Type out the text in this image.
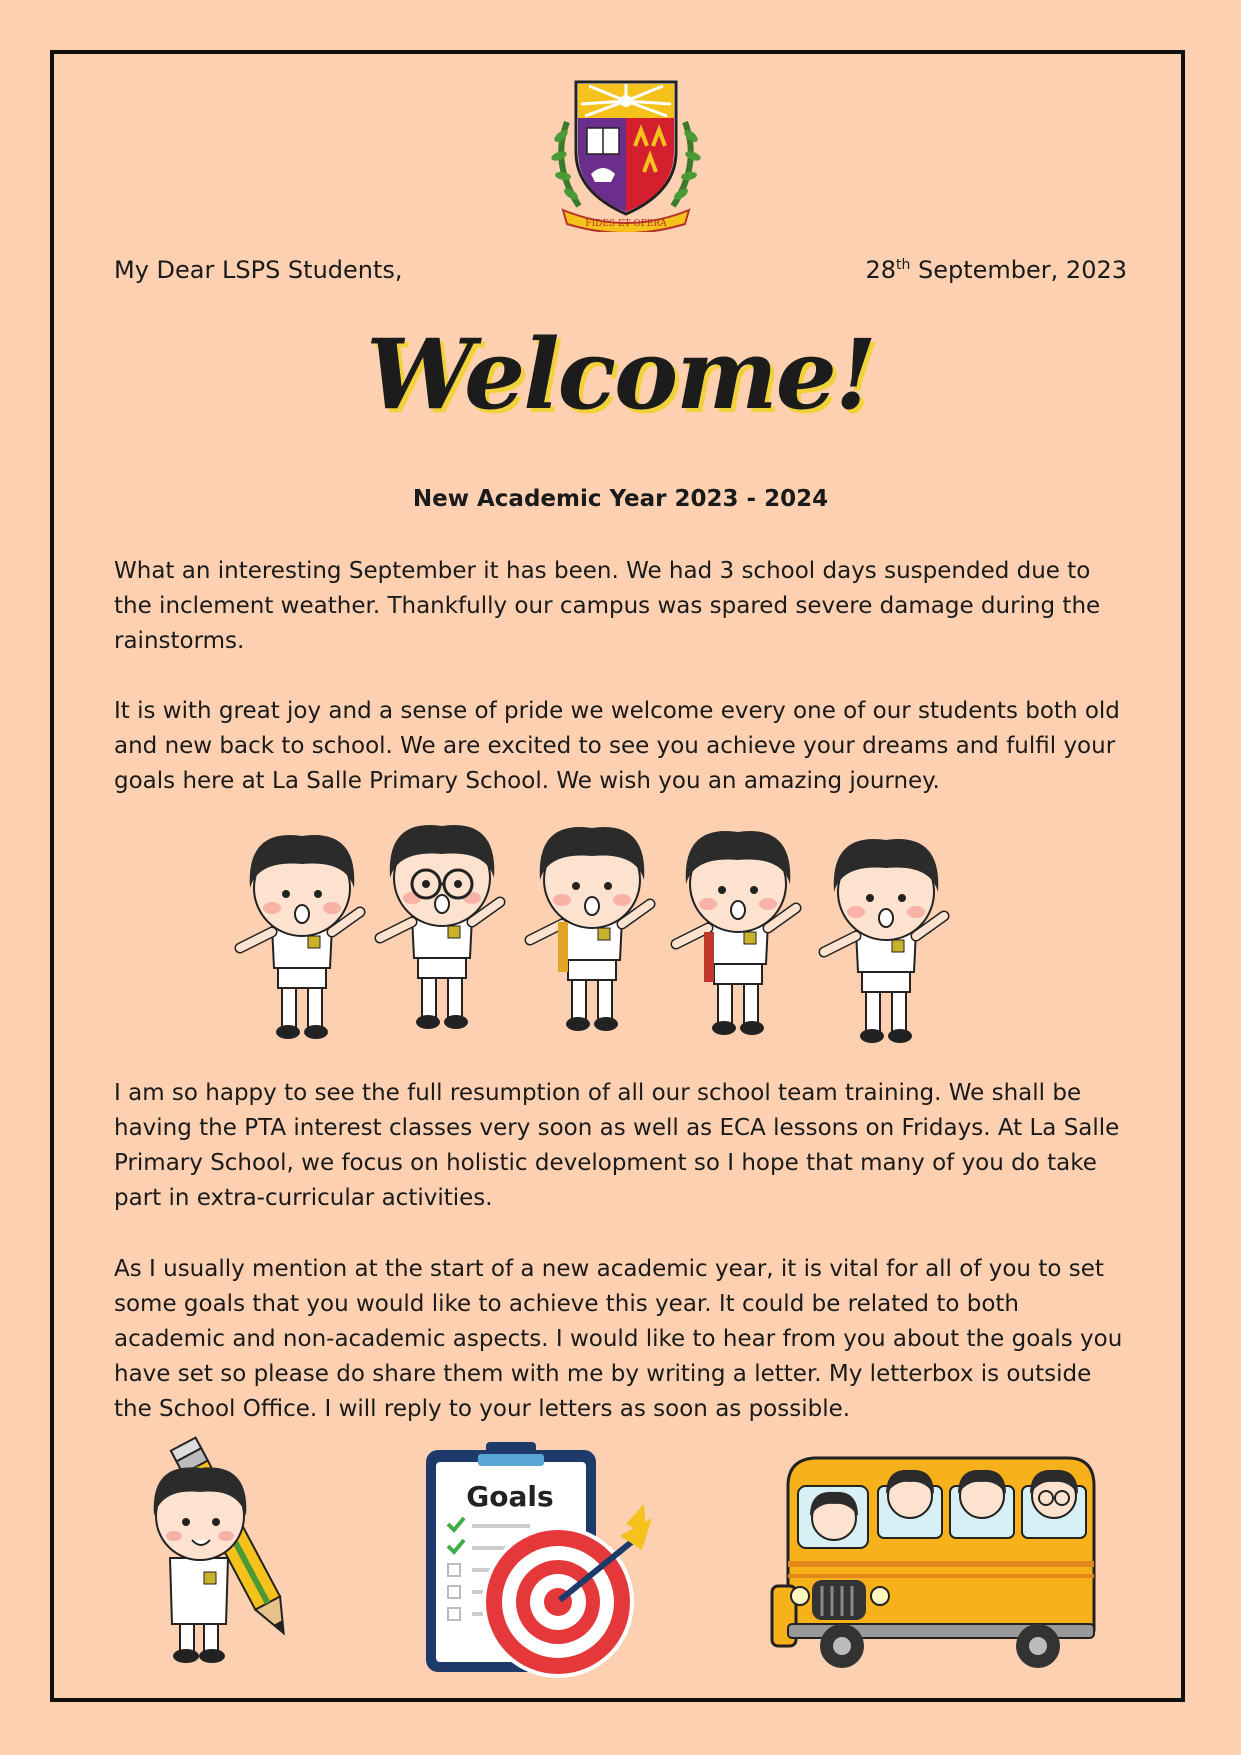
FIDES ET OPERA
My Dear LSPS Students,	28th September, 2023
Welcome!
New Academic Year 2023 - 2024
What an interesting September it has been. We had 3 school days suspended due to the inclement weather. Thankfully our campus was spared severe damage during the rainstorms.
It is with great joy and a sense of pride we welcome every one of our students both old and new back to school. We are excited to see you achieve your dreams and fulfil your goals here at La Salle Primary School. We wish you an amazing journey.
I am so happy to see the full resumption of all our school team training. We shall be having the PTA interest classes very soon as well as ECA lessons on Fridays. At La Salle Primary School, we focus on holistic development so I hope that many of you do take part in extra-curricular activities.
As I usually mention at the start of a new academic year, it is vital for all of you to set some goals that you would like to achieve this year. It could be related to both academic and non-academic aspects. I would like to hear from you about the goals you have set so please do share them with me by writing a letter. My letterbox is outside the School Office. I will reply to your letters as soon as possible.
Goals
